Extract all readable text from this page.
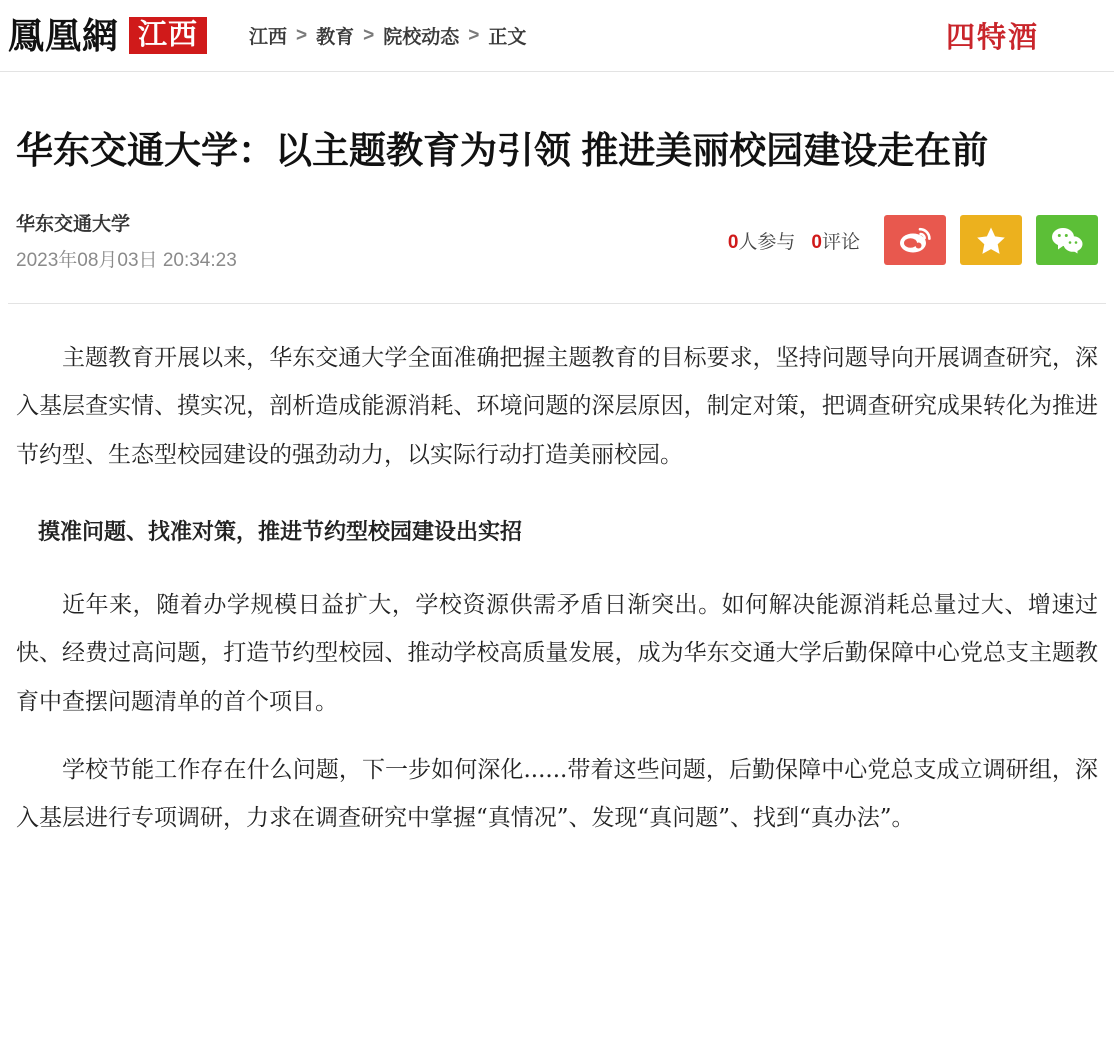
鳳凰網 江西	江西 > 教育 > 院校动态 > 正文	四特酒
华东交通大学：以主题教育为引领 推进美丽校园建设走在前
华东交通大学
2023年08月03日 20:34:23
0人参与 0评论

主题教育开展以来，华东交通大学全面准确把握主题教育的目标要求，坚持问题导向开展调查研究，深入基层查实情、摸实况，剖析造成能源消耗、环境问题的深层原因，制定对策，把调查研究成果转化为推进节约型、生态型校园建设的强劲动力，以实际行动打造美丽校园。

摸准问题、找准对策，推进节约型校园建设出实招

近年来，随着办学规模日益扩大，学校资源供需矛盾日渐突出。如何解决能源消耗总量过大、增速过快、经费过高问题，打造节约型校园、推动学校高质量发展，成为华东交通大学后勤保障中心党总支主题教育中查摆问题清单的首个项目。

学校节能工作存在什么问题，下一步如何深化......带着这些问题，后勤保障中心党总支成立调研组，深入基层进行专项调研，力求在调查研究中掌握“真情况”、发现“真问题”、找到“真办法”。
